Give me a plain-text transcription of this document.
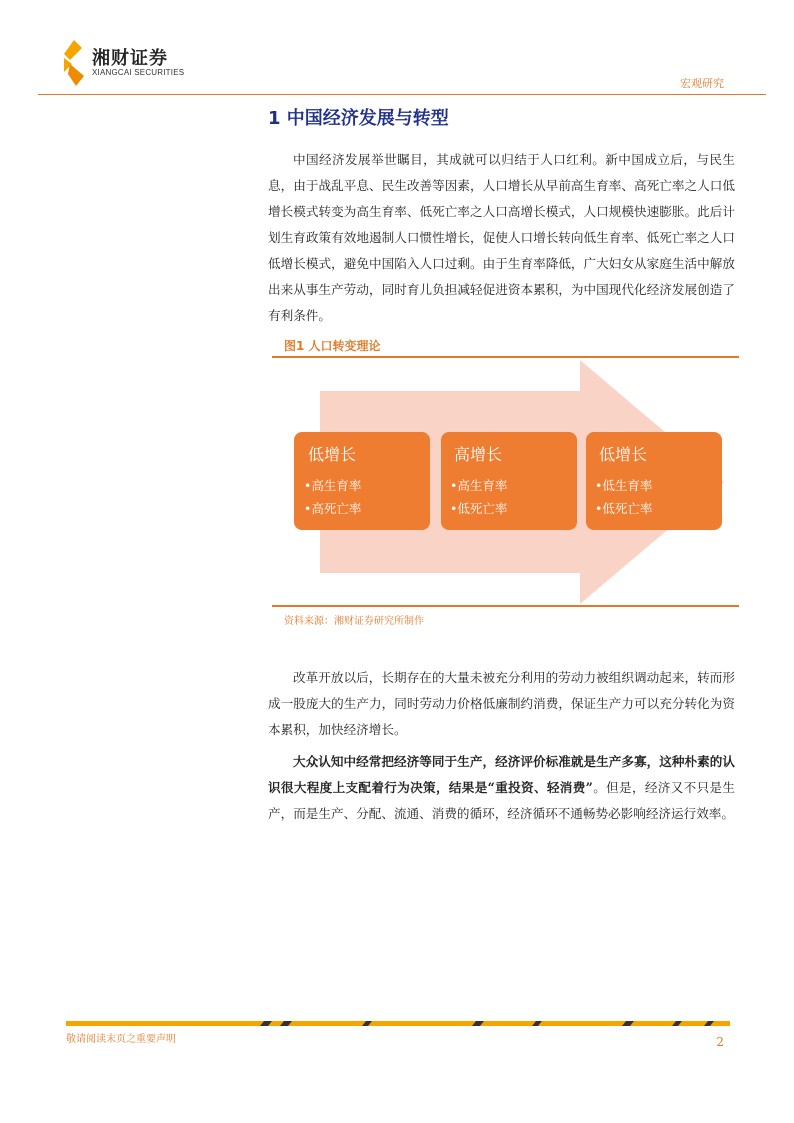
湘财证券
XIANGCAI SECURITIES
宏观研究
1 中国经济发展与转型
中国经济发展举世瞩目，其成就可以归结于人口红利。新中国成立后，与民生息，由于战乱平息、民生改善等因素，人口增长从早前高生育率、高死亡率之人口低增长模式转变为高生育率、低死亡率之人口高增长模式，人口规模快速膨胀。此后计划生育政策有效地遏制人口惯性增长，促使人口增长转向低生育率、低死亡率之人口低增长模式，避免中国陷入人口过剩。由于生育率降低，广大妇女从家庭生活中解放出来从事生产劳动，同时育儿负担减轻促进资本累积，为中国现代化经济发展创造了有利条件。
图1 人口转变理论
低增长
•高生育率
•高死亡率
高增长
•高生育率
•低死亡率
低增长
•低生育率
•低死亡率
资料来源：湘财证券研究所制作
改革开放以后，长期存在的大量未被充分利用的劳动力被组织调动起来，转而形成一股庞大的生产力，同时劳动力价格低廉制约消费，保证生产力可以充分转化为资本累积，加快经济增长。
大众认知中经常把经济等同于生产，经济评价标准就是生产多寡，这种朴素的认识很大程度上支配着行为决策，结果是“重投资、轻消费”。但是，经济又不只是生产，而是生产、分配、流通、消费的循环，经济循环不通畅势必影响经济运行效率。
敬请阅读末页之重要声明	2
